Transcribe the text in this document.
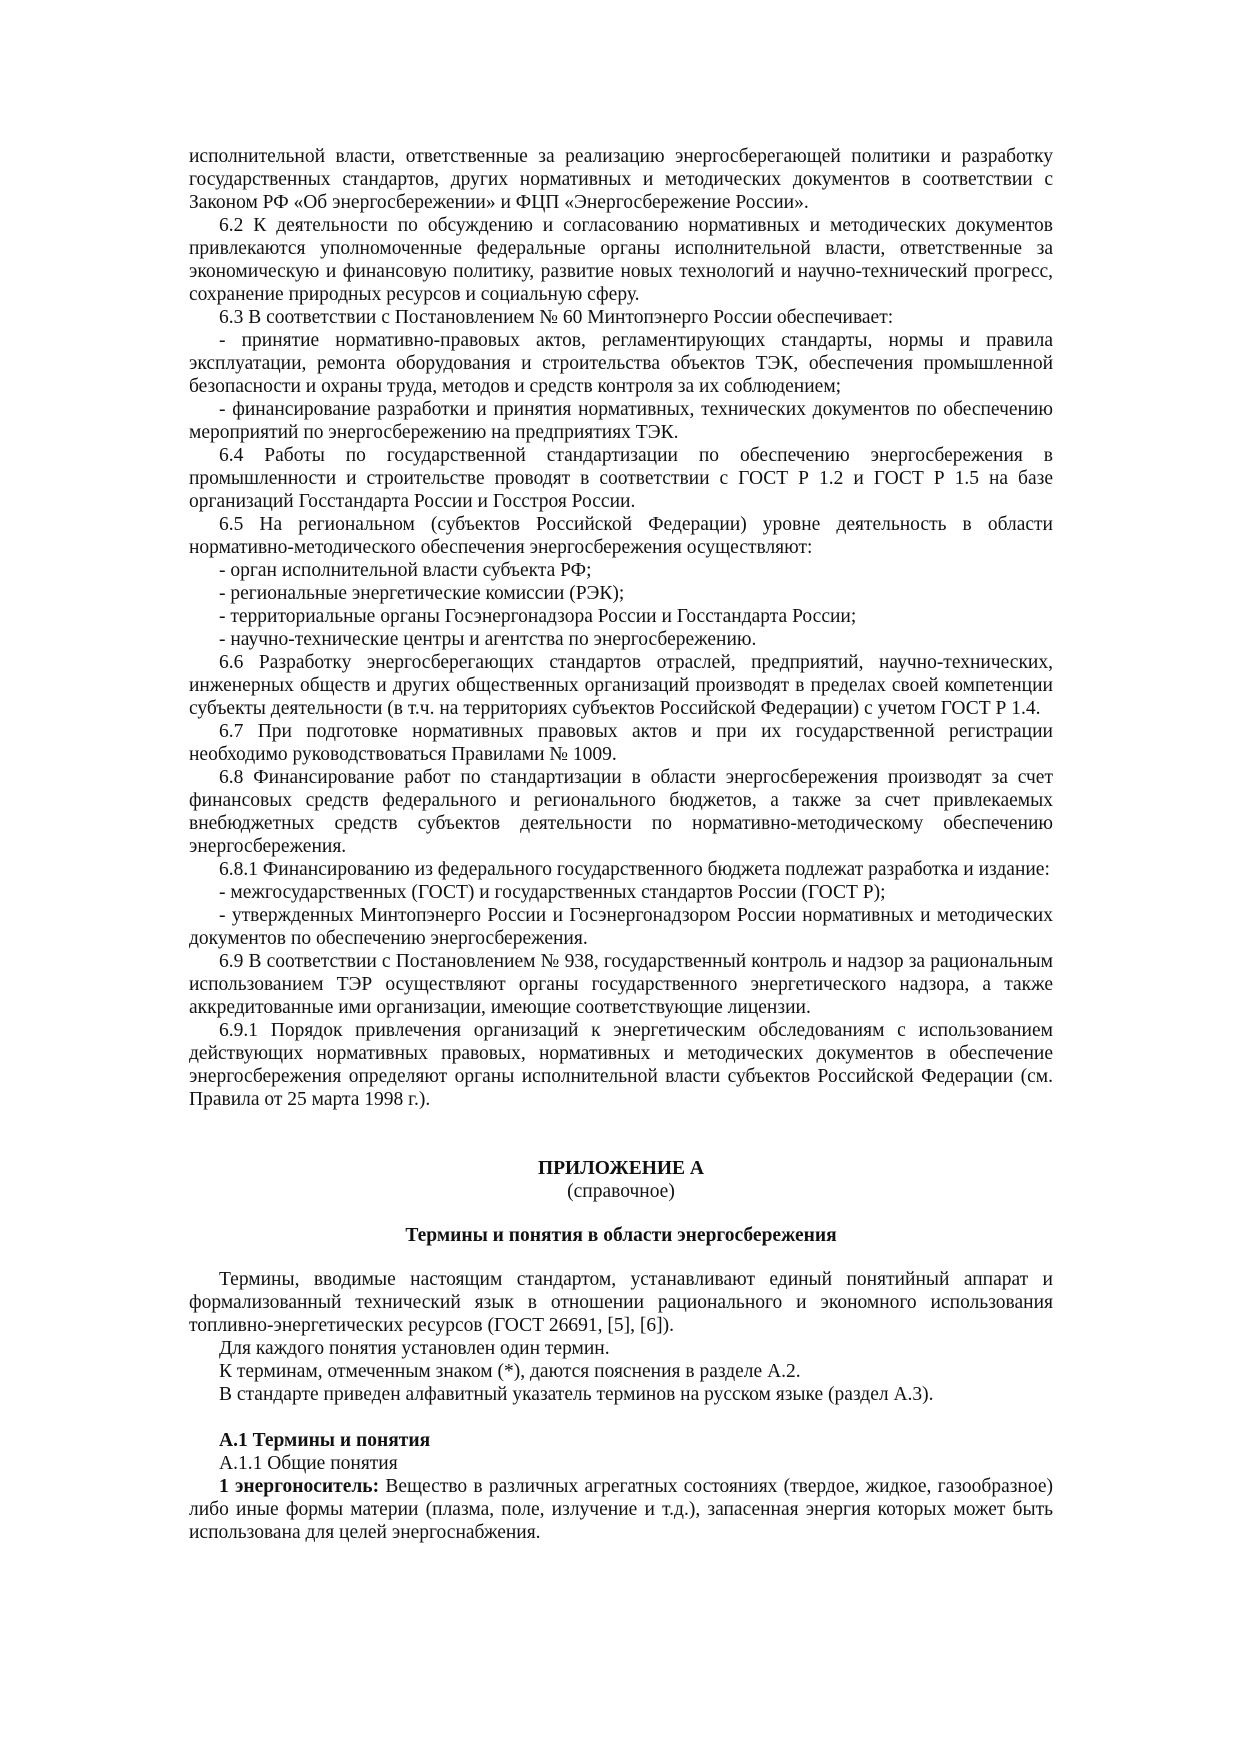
исполнительной власти, ответственные за реализацию энергосберегающей политики и разработку государственных стандартов, других нормативных и методических документов в соответствии с Законом РФ «Об энергосбережении» и ФЦП «Энергосбережение России».

6.2 К деятельности по обсуждению и согласованию нормативных и методических документов привлекаются уполномоченные федеральные органы исполнительной власти, ответственные за экономическую и финансовую политику, развитие новых технологий и научно-технический прогресс, сохранение природных ресурсов и социальную сферу.

6.3 В соответствии с Постановлением № 60 Минтопэнерго России обеспечивает:

- принятие нормативно-правовых актов, регламентирующих стандарты, нормы и правила эксплуатации, ремонта оборудования и строительства объектов ТЭК, обеспечения промышленной безопасности и охраны труда, методов и средств контроля за их соблюдением;

- финансирование разработки и принятия нормативных, технических документов по обеспечению мероприятий по энергосбережению на предприятиях ТЭК.

6.4 Работы по государственной стандартизации по обеспечению энергосбережения в промышленности и строительстве проводят в соответствии с ГОСТ Р 1.2 и ГОСТ Р 1.5 на базе организаций Госстандарта России и Госстроя России.

6.5 На региональном (субъектов Российской Федерации) уровне деятельность в области нормативно-методического обеспечения энергосбережения осуществляют:

- орган исполнительной власти субъекта РФ;

- региональные энергетические комиссии (РЭК);

- территориальные органы Госэнергонадзора России и Госстандарта России;

- научно-технические центры и агентства по энергосбережению.

6.6 Разработку энергосберегающих стандартов отраслей, предприятий, научно-технических, инженерных обществ и других общественных организаций производят в пределах своей компетенции субъекты деятельности (в т.ч. на территориях субъектов Российской Федерации) с учетом ГОСТ Р 1.4.

6.7 При подготовке нормативных правовых актов и при их государственной регистрации необходимо руководствоваться Правилами № 1009.

6.8 Финансирование работ по стандартизации в области энергосбережения производят за счет финансовых средств федерального и регионального бюджетов, а также за счет привлекаемых внебюджетных средств субъектов деятельности по нормативно-методическому обеспечению энергосбережения.

6.8.1 Финансированию из федерального государственного бюджета подлежат разработка и издание:

- межгосударственных (ГОСТ) и государственных стандартов России (ГОСТ Р);

- утвержденных Минтопэнерго России и Госэнергонадзором России нормативных и методических документов по обеспечению энергосбережения.

6.9 В соответствии с Постановлением № 938, государственный контроль и надзор за рациональным использованием ТЭР осуществляют органы государственного энергетического надзора, а также аккредитованные ими организации, имеющие соответствующие лицензии.

6.9.1 Порядок привлечения организаций к энергетическим обследованиям с использованием действующих нормативных правовых, нормативных и методических документов в обеспечение энергосбережения определяют органы исполнительной власти субъектов Российской Федерации (см. Правила от 25 марта 1998 г.).

ПРИЛОЖЕНИЕ А

(справочное)

Термины и понятия в области энергосбережения

Термины, вводимые настоящим стандартом, устанавливают единый понятийный аппарат и формализованный технический язык в отношении рационального и экономного использования топливно-энергетических ресурсов (ГОСТ 26691, [5], [6]).

Для каждого понятия установлен один термин.

К терминам, отмеченным знаком (*), даются пояснения в разделе А.2.

В стандарте приведен алфавитный указатель терминов на русском языке (раздел А.3).

А.1 Термины и понятия

А.1.1 Общие понятия

1 энергоноситель: Вещество в различных агрегатных состояниях (твердое, жидкое, газообразное) либо иные формы материи (плазма, поле, излучение и т.д.), запасенная энергия которых может быть использована для целей энергоснабжения.
